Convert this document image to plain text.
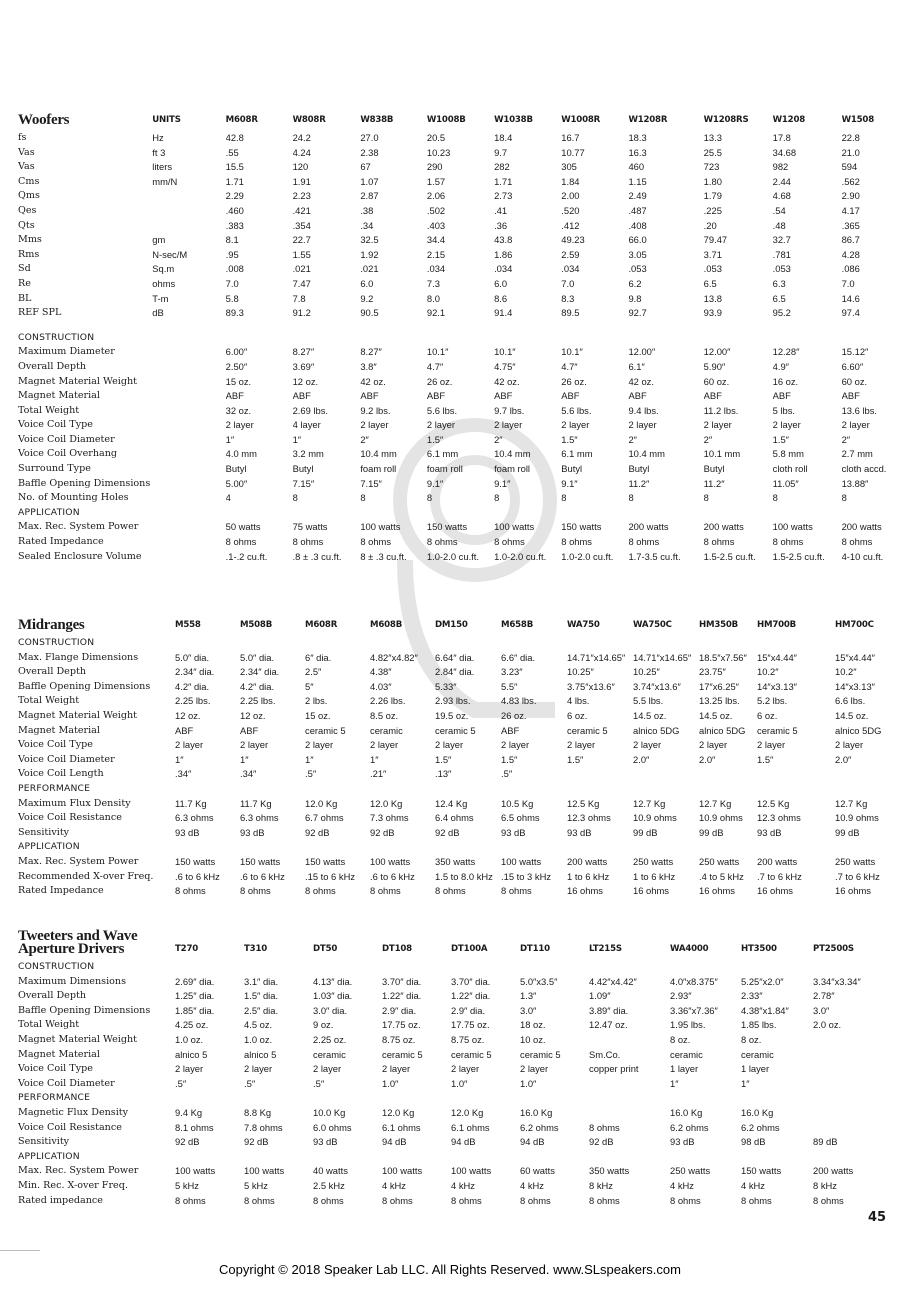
Woofers	UNITS	M608R	W808R	W838B	W1008B	W1038B	W1008R	W1208R	W1208RS	W1208	W1508
fs	Hz	42.8	24.2	27.0	20.5	18.4	16.7	18.3	13.3	17.8	22.8
Vas	ft 3	.55	4.24	2.38	10.23	9.7	10.77	16.3	25.5	34.68	21.0
Vas	liters	15.5	120	67	290	282	305	460	723	982	594
Cms	mm/N	1.71	1.91	1.07	1.57	1.71	1.84	1.15	1.80	2.44	.562
Qms		2.29	2.23	2.87	2.06	2.73	2.00	2.49	1.79	4.68	2.90
Qes		.460	.421	.38	.502	.41	.520	.487	.225	.54	4.17
Qts		.383	.354	.34	.403	.36	.412	.408	.20	.48	.365
Mms	gm	8.1	22.7	32.5	34.4	43.8	49.23	66.0	79.47	32.7	86.7
Rms	N-sec/M	.95	1.55	1.92	2.15	1.86	2.59	3.05	3.71	.781	4.28
Sd	Sq.m	.008	.021	.021	.034	.034	.034	.053	.053	.053	.086
Re	ohms	7.0	7.47	6.0	7.3	6.0	7.0	6.2	6.5	6.3	7.0
BL	T-m	5.8	7.8	9.2	8.0	8.6	8.3	9.8	13.8	6.5	14.6
REF SPL	dB	89.3	91.2	90.5	92.1	91.4	89.5	92.7	93.9	95.2	97.4

CONSTRUCTION											
Maximum Diameter		6.00″	8.27″	8.27″	10.1″	10.1″	10.1″	12.00″	12.00″	12.28″	15.12″
Overall Depth		2.50″	3.69″	3.8″	4.7″	4.75″	4.7″	6.1″	5.90″	4.9″	6.60″
Magnet Material Weight		15 oz.	12 oz.	42 oz.	26 oz.	42 oz.	26 oz.	42 oz.	60 oz.	16 oz.	60 oz.
Magnet Material		ABF	ABF	ABF	ABF	ABF	ABF	ABF	ABF	ABF	ABF
Total Weight		32 oz.	2.69 lbs.	9.2 lbs.	5.6 lbs.	9.7 lbs.	5.6 lbs.	9.4 lbs.	11.2 lbs.	5 lbs.	13.6 lbs.
Voice Coil Type		2 layer	4 layer	2 layer	2 layer	2 layer	2 layer	2 layer	2 layer	2 layer	2 layer
Voice Coil Diameter		1″	1″	2″	1.5″	2″	1.5″	2″	2″	1.5″	2″
Voice Coil Overhang		4.0 mm	3.2 mm	10.4 mm	6.1 mm	10.4 mm	6.1 mm	10.4 mm	10.1 mm	5.8 mm	2.7 mm
Surround Type		Butyl	Butyl	foam roll	foam roll	foam roll	Butyl	Butyl	Butyl	cloth roll	cloth accd.
Baffle Opening Dimensions		5.00″	7.15″	7.15″	9.1″	9.1″	9.1″	11.2″	11.2″	11.05″	13.88″
No. of Mounting Holes		4	8	8	8	8	8	8	8	8	8
APPLICATION											
Max. Rec. System Power		50 watts	75 watts	100 watts	150 watts	100 watts	150 watts	200 watts	200 watts	100 watts	200 watts
Rated Impedance		8 ohms	8 ohms	8 ohms	8 ohms	8 ohms	8 ohms	8 ohms	8 ohms	8 ohms	8 ohms
Sealed Enclosure Volume		.1-.2 cu.ft.	.8 ± .3 cu.ft.	8 ± .3 cu.ft.	1.0-2.0 cu.ft.	1.0-2.0 cu.ft.	1.0-2.0 cu.ft.	1.7-3.5 cu.ft.	1.5-2.5 cu.ft.	1.5-2.5 cu.ft.	4-10 cu.ft.
Midranges	M558	M508B	M608R	M608B	DM150	M658B	WA750	WA750C	HM350B	HM700B	HM700C
CONSTRUCTION											
Max. Flange Dimensions	5.0″ dia.	5.0″ dia.	6″ dia.	4.82″x4.82″	6.64″ dia.	6.6″ dia.	14.71″x14.65″	14.71″x14.65″	18.5″x7.56″	15″x4.44″	15″x4.44″
Overall Depth	2.34″ dia.	2.34″ dia.	2.5″	4.38″	2.84″ dia.	3.23″	10.25″	10.25″	23.75″	10.2″	10.2″
Baffle Opening Dimensions	4.2″ dia.	4.2″ dia.	5″	4.03″	5.33″	5.5″	3.75″x13.6″	3.74″x13.6″	17″x6.25″	14″x3.13″	14″x3.13″
Total Weight	2.25 lbs.	2.25 lbs.	2 lbs.	2.26 lbs.	2.93 lbs.	4.83 lbs.	4 lbs.	5.5 lbs.	13.25 lbs.	5.2 lbs.	6.6 lbs.
Magnet Material Weight	12 oz.	12 oz.	15 oz.	8.5 oz.	19.5 oz.	26 oz.	6 oz.	14.5 oz.	14.5 oz.	6 oz.	14.5 oz.
Magnet Material	ABF	ABF	ceramic 5	ceramic	ceramic 5	ABF	ceramic 5	alnico 5DG	alnico 5DG	ceramic 5	alnico 5DG
Voice Coil Type	2 layer	2 layer	2 layer	2 layer	2 layer	2 layer	2 layer	2 layer	2 layer	2 layer	2 layer
Voice Coil Diameter	1″	1″	1″	1″	1.5″	1.5″	1.5″	2.0″	2.0″	1.5″	2.0″
Voice Coil Length	.34″	.34″	.5″	.21″	.13″	.5″					
PERFORMANCE											
Maximum Flux Density	11.7 Kg	11.7 Kg	12.0 Kg	12.0 Kg	12.4 Kg	10.5 Kg	12.5 Kg	12.7 Kg	12.7 Kg	12.5 Kg	12.7 Kg
Voice Coil Resistance	6.3 ohms	6.3 ohms	6.7 ohms	7.3 ohms	6.4 ohms	6.5 ohms	12.3 ohms	10.9 ohms	10.9 ohms	12.3 ohms	10.9 ohms
Sensitivity	93 dB	93 dB	92 dB	92 dB	92 dB	93 dB	93 dB	99 dB	99 dB	93 dB	99 dB
APPLICATION											
Max. Rec. System Power	150 watts	150 watts	150 watts	100 watts	350 watts	100 watts	200 watts	250 watts	250 watts	200 watts	250 watts
Recommended X-over Freq.	.6 to 6 kHz	.6 to 6 kHz	.15 to 6 kHz	.6 to 6 kHz	1.5 to 8.0 kHz	.15 to 3 kHz	1 to 6 kHz	1 to 6 kHz	.4 to 5 kHz	.7 to 6 kHz	.7 to 6 kHz
Rated Impedance	8 ohms	8 ohms	8 ohms	8 ohms	8 ohms	8 ohms	16 ohms	16 ohms	16 ohms	16 ohms	16 ohms
Tweeters and Wave Aperture Drivers	T270	T310	DT50	DT108	DT100A	DT110	LT215S	WA4000	HT3500	PT2500S
CONSTRUCTION										
Maximum Dimensions	2.69″ dia.	3.1″ dia.	4.13″ dia.	3.70″ dia.	3.70″ dia.	5.0″x3.5″	4.42″x4.42″	4.0″x8.375″	5.25″x2.0″	3.34″x3.34″
Overall Depth	1.25″ dia.	1.5″ dia.	1.03″ dia.	1.22″ dia.	1.22″ dia.	1.3″	1.09″	2.93″	2.33″	2.78″
Baffle Opening Dimensions	1.85″ dia.	2.5″ dia.	3.0″ dia.	2.9″ dia.	2.9″ dia.	3.0″	3.89″ dia.	3.36″x7.36″	4.38″x1.84″	3.0″
Total Weight	4.25 oz.	4.5 oz.	9 oz.	17.75 oz.	17.75 oz.	18 oz.	12.47 oz.	1.95 lbs.	1.85 lbs.	2.0 oz.
Magnet Material Weight	1.0 oz.	1.0 oz.	2.25 oz.	8.75 oz.	8.75 oz.	10 oz.		8 oz.	8 oz.	
Magnet Material	alnico 5	alnico 5	ceramic	ceramic 5	ceramic 5	ceramic 5	Sm.Co.	ceramic	ceramic	
Voice Coil Type	2 layer	2 layer	2 layer	2 layer	2 layer	2 layer	copper print	1 layer	1 layer	
Voice Coil Diameter	.5″	.5″	.5″	1.0″	1.0″	1.0″		1″	1″	
PERFORMANCE										
Magnetic Flux Density	9.4 Kg	8.8 Kg	10.0 Kg	12.0 Kg	12.0 Kg	16.0 Kg		16.0 Kg	16.0 Kg	
Voice Coil Resistance	8.1 ohms	7.8 ohms	6.0 ohms	6.1 ohms	6.1 ohms	6.2 ohms	8 ohms	6.2 ohms	6.2 ohms	
Sensitivity	92 dB	92 dB	93 dB	94 dB	94 dB	94 dB	92 dB	93 dB	98 dB	89 dB
APPLICATION										
Max. Rec. System Power	100 watts	100 watts	40 watts	100 watts	100 watts	60 watts	350 watts	250 watts	150 watts	200 watts
Min. Rec. X-over Freq.	5 kHz	5 kHz	2.5 kHz	4 kHz	4 kHz	4 kHz	8 kHz	4 kHz	4 kHz	8 kHz
Rated impedance	8 ohms	8 ohms	8 ohms	8 ohms	8 ohms	8 ohms	8 ohms	8 ohms	8 ohms	8 ohms
45
Copyright © 2018 Speaker Lab LLC. All Rights Reserved. www.SLspeakers.com
